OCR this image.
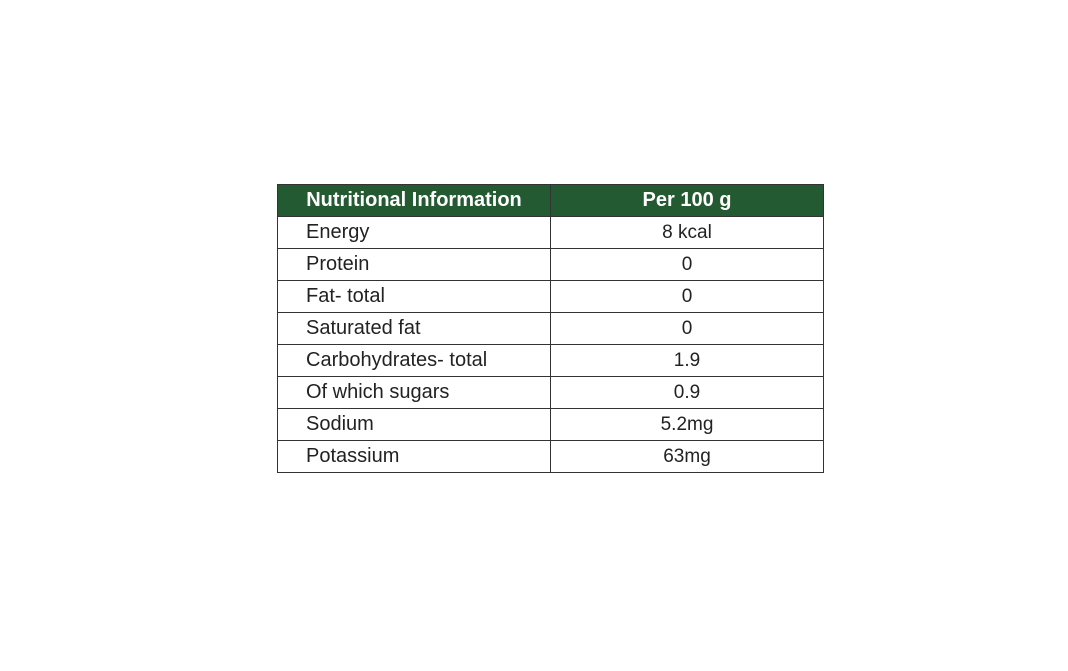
Nutritional Information	Per 100 g
Energy	8 kcal
Protein	0
Fat- total	0
Saturated fat	0
Carbohydrates- total	1.9
Of which sugars	0.9
Sodium	5.2mg
Potassium	63mg
